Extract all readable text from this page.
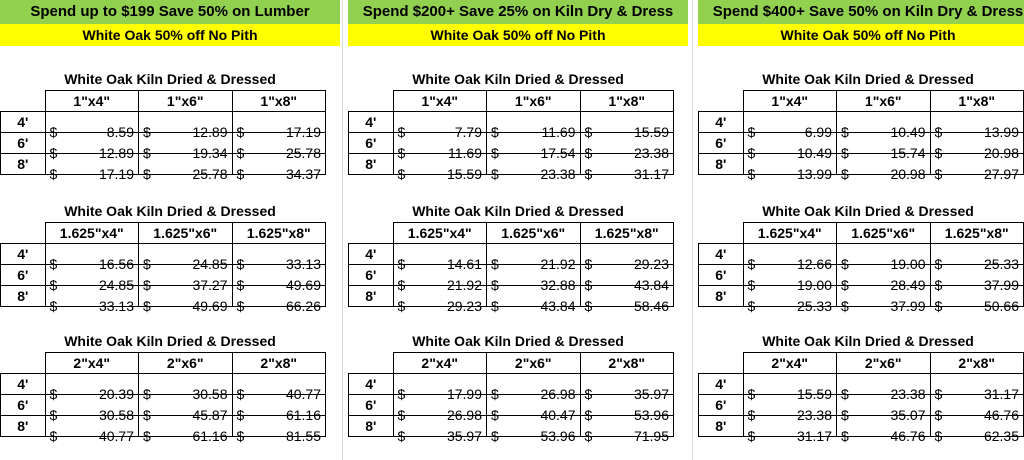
Spend up to $199 Save 50% on Lumber
White Oak 50% off No Pith
White Oak Kiln Dried & Dressed
	1"x4"	1"x6"	1"x8"
4'	$ 8.59	$ 12.89	$ 17.19

6'	$ 12.89	$ 19.34	$ 25.78

8'	$ 17.19	$ 25.78	$ 34.37
White Oak Kiln Dried & Dressed
	1.625"x4"	1.625"x6"	1.625"x8"
4'	$ 16.56	$ 24.85	$ 33.13

6'	$ 24.85	$ 37.27	$ 49.69

8'	$ 33.13	$ 49.69	$ 66.26
White Oak Kiln Dried & Dressed
	2"x4"	2"x6"	2"x8"
4'	$ 20.39	$ 30.58	$ 40.77

6'	$ 30.58	$ 45.87	$ 61.16

8'	$ 40.77	$ 61.16	$ 81.55
Spend $200+ Save 25% on Kiln Dry & Dress
White Oak 50% off No Pith
White Oak Kiln Dried & Dressed
	1"x4"	1"x6"	1"x8"
4'	$ 7.79	$ 11.69	$ 15.59

6'	$ 11.69	$ 17.54	$ 23.38

8'	$ 15.59	$ 23.38	$ 31.17
White Oak Kiln Dried & Dressed
	1.625"x4"	1.625"x6"	1.625"x8"
4'	$ 14.61	$ 21.92	$ 29.23

6'	$ 21.92	$ 32.88	$ 43.84

8'	$ 29.23	$ 43.84	$ 58.46
White Oak Kiln Dried & Dressed
	2"x4"	2"x6"	2"x8"
4'	$ 17.99	$ 26.98	$ 35.97

6'	$ 26.98	$ 40.47	$ 53.96

8'	$ 35.97	$ 53.96	$ 71.95
Spend $400+ Save 50% on Kiln Dry & Dress
White Oak 50% off No Pith
White Oak Kiln Dried & Dressed
	1"x4"	1"x6"	1"x8"
4'	$ 6.99	$ 10.49	$ 13.99

6'	$ 10.49	$ 15.74	$ 20.98

8'	$ 13.99	$ 20.98	$ 27.97
White Oak Kiln Dried & Dressed
	1.625"x4"	1.625"x6"	1.625"x8"
4'	$ 12.66	$ 19.00	$ 25.33

6'	$ 19.00	$ 28.49	$ 37.99

8'	$ 25.33	$ 37.99	$ 50.66
White Oak Kiln Dried & Dressed
	2"x4"	2"x6"	2"x8"
4'	$ 15.59	$ 23.38	$ 31.17

6'	$ 23.38	$ 35.07	$ 46.76

8'	$ 31.17	$ 46.76	$ 62.35
